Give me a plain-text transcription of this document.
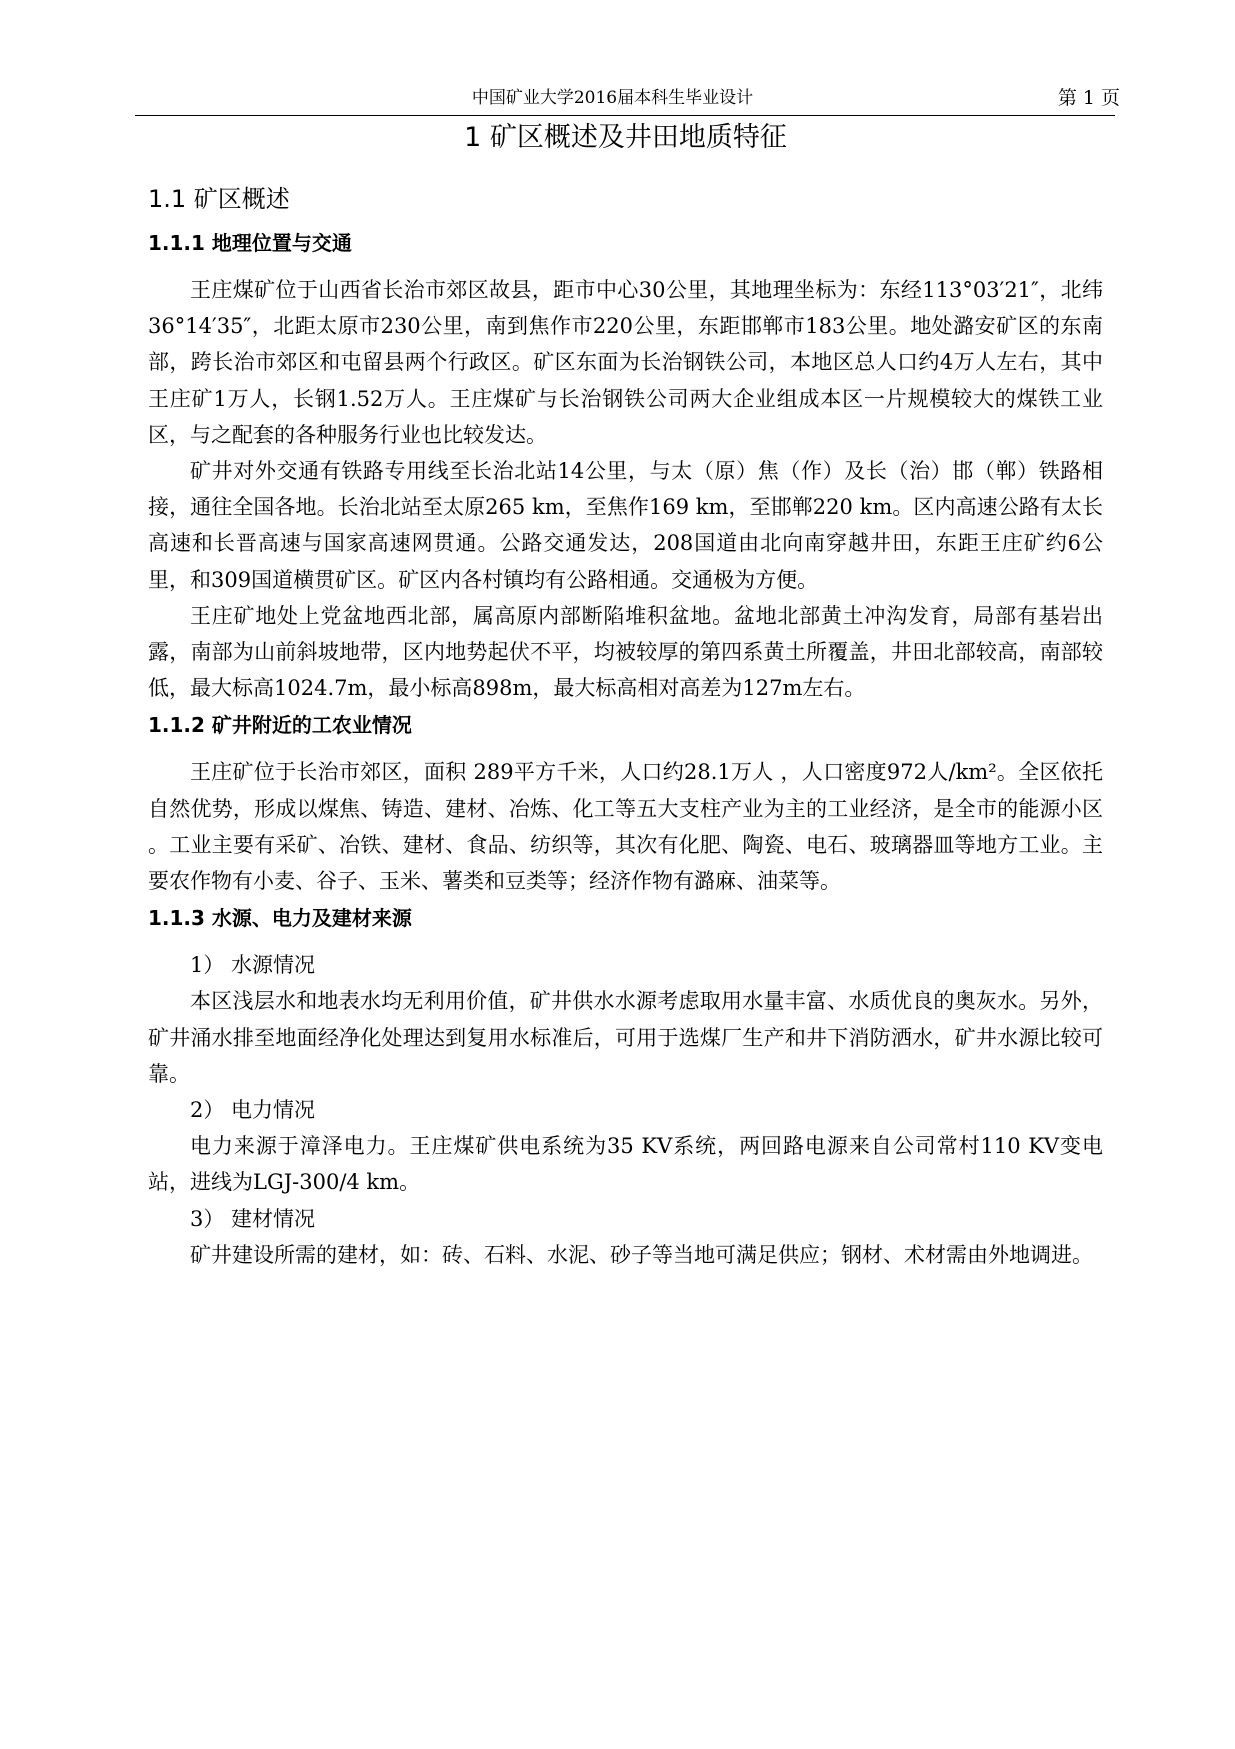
中国矿业大学2016届本科生毕业设计	第 1 页
1 矿区概述及井田地质特征
1.1 矿区概述
1.1.1 地理位置与交通

王庄煤矿位于山西省长治市郊区故县，距市中心30公里，其地理坐标为：东经113°03′21″，北纬36°14′35″，北距太原市230公里，南到焦作市220公里，东距邯郸市183公里。地处潞安矿区的东南部，跨长治市郊区和屯留县两个行政区。矿区东面为长治钢铁公司，本地区总人口约4万人左右，其中王庄矿1万人，长钢1.52万人。王庄煤矿与长治钢铁公司两大企业组成本区一片规模较大的煤铁工业区，与之配套的各种服务行业也比较发达。

矿井对外交通有铁路专用线至长治北站14公里，与太（原）焦（作）及长（治）邯（郸）铁路相接，通往全国各地。长治北站至太原265 km，至焦作169 km，至邯郸220 km。区内高速公路有太长高速和长晋高速与国家高速网贯通。公路交通发达，208国道由北向南穿越井田，东距王庄矿约6公里，和309国道横贯矿区。矿区内各村镇均有公路相通。交通极为方便。

王庄矿地处上党盆地西北部，属高原内部断陷堆积盆地。盆地北部黄土冲沟发育，局部有基岩出露，南部为山前斜坡地带，区内地势起伏不平，均被较厚的第四系黄土所覆盖，井田北部较高，南部较低，最大标高1024.7m，最小标高898m，最大标高相对高差为127m左右。

1.1.2 矿井附近的工农业情况

王庄矿位于长治市郊区，面积 289平方千米，人口约28.1万人 ，人口密度972人/km²。全区依托自然优势，形成以煤焦、铸造、建材、冶炼、化工等五大支柱产业为主的工业经济，是全市的能源小区 。工业主要有采矿、冶铁、建材、食品、纺织等，其次有化肥、陶瓷、电石、玻璃器皿等地方工业。主要农作物有小麦、谷子、玉米、薯类和豆类等；经济作物有潞麻、油菜等。

1.1.3 水源、电力及建材来源

1） 水源情况

本区浅层水和地表水均无利用价值，矿井供水水源考虑取用水量丰富、水质优良的奥灰水。另外，矿井涌水排至地面经净化处理达到复用水标准后，可用于选煤厂生产和井下消防洒水，矿井水源比较可靠。

2） 电力情况

电力来源于漳泽电力。王庄煤矿供电系统为35 KV系统，两回路电源来自公司常村110 KV变电站，进线为LGJ-300/4 km。

3） 建材情况

矿井建设所需的建材，如：砖、石料、水泥、砂子等当地可满足供应；钢材、术材需由外地调进。
